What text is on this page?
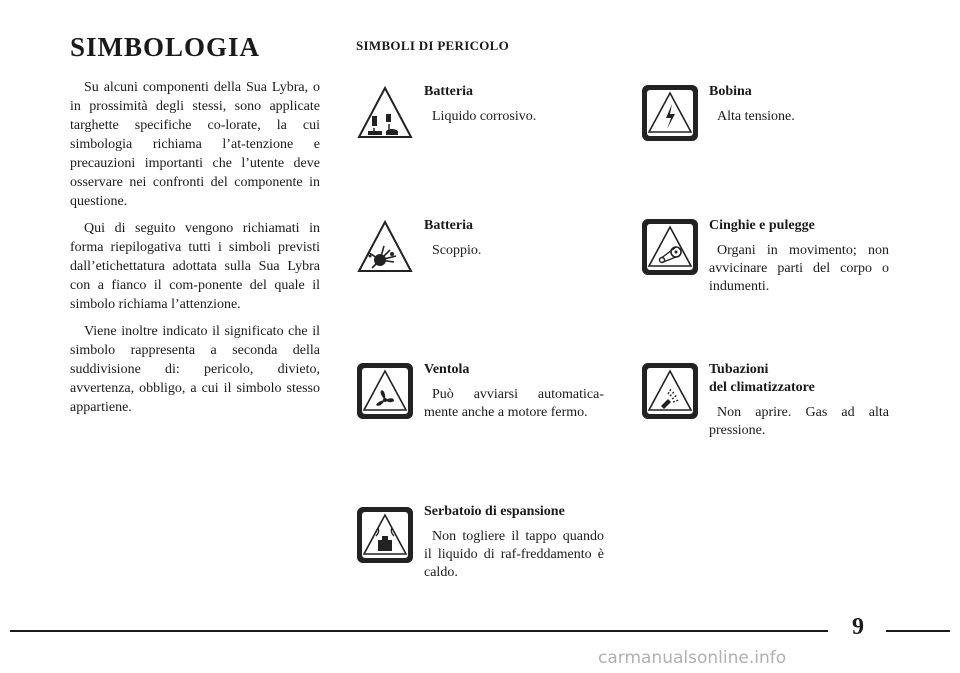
SIMBOLOGIA

Su alcuni componenti della Sua Lybra, o in prossimità degli stessi, sono applicate targhette specifiche co-lorate, la cui simbologia richiama l’at-tenzione e precauzioni importanti che l’utente deve osservare nei confronti del componente in questione.

Qui di seguito vengono richiamati in forma riepilogativa tutti i simboli previsti dall’etichettatura adottata sulla Sua Lybra con a fianco il com-ponente del quale il simbolo richiama l’attenzione.

Viene inoltre indicato il significato che il simbolo rappresenta a seconda della suddivisione di: pericolo, divieto, avvertenza, obbligo, a cui il simbolo stesso appartiene.

SIMBOLI DI PERICOLO
Batteria
Liquido corrosivo.
Batteria
Scoppio.
Ventola
Può avviarsi automatica-mente anche a motore fermo.
Serbatoio di espansione
Non togliere il tappo quando il liquido di raf-freddamento è caldo.
Bobina
Alta tensione.
Cinghie e pulegge
Organi in movimento; non avvicinare parti del corpo o indumenti.
Tubazioni
del climatizzatore
Non aprire. Gas ad alta pressione.
9
carmanualsonline.info
